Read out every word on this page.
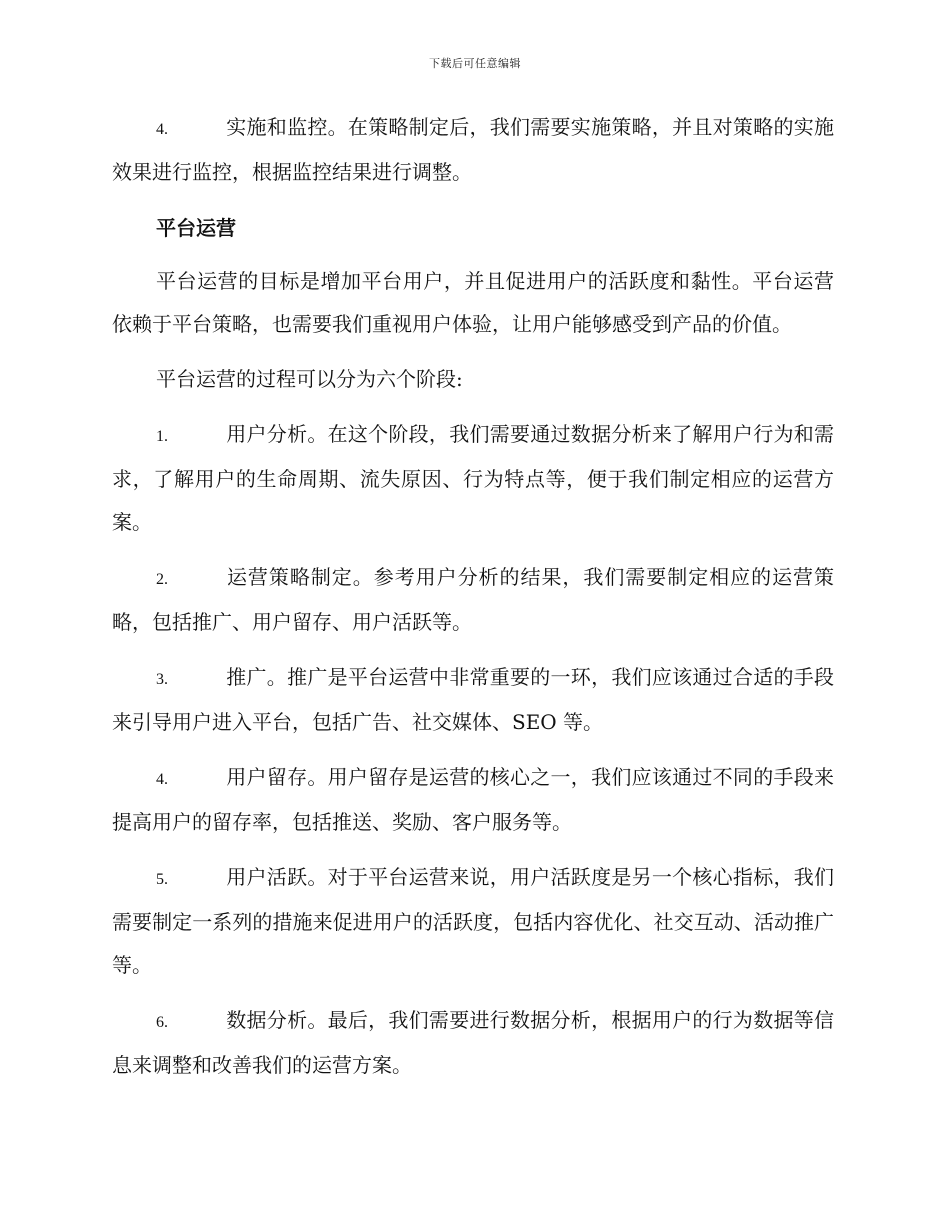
下载后可任意编辑

4.	实施和监控。在策略制定后，我们需要实施策略，并且对策略的实施效果进行监控，根据监控结果进行调整。

平台运营

平台运营的目标是增加平台用户，并且促进用户的活跃度和黏性。平台运营依赖于平台策略，也需要我们重视用户体验，让用户能够感受到产品的价值。

平台运营的过程可以分为六个阶段:

1.	用户分析。在这个阶段，我们需要通过数据分析来了解用户行为和需求，了解用户的生命周期、流失原因、行为特点等，便于我们制定相应的运营方案。

2.	运营策略制定。参考用户分析的结果，我们需要制定相应的运营策略，包括推广、用户留存、用户活跃等。

3.	推广。推广是平台运营中非常重要的一环，我们应该通过合适的手段来引导用户进入平台，包括广告、社交媒体、SEO 等。

4.	用户留存。用户留存是运营的核心之一，我们应该通过不同的手段来提高用户的留存率，包括推送、奖励、客户服务等。

5.	用户活跃。对于平台运营来说，用户活跃度是另一个核心指标，我们需要制定一系列的措施来促进用户的活跃度，包括内容优化、社交互动、活动推广等。

6.	数据分析。最后，我们需要进行数据分析，根据用户的行为数据等信息来调整和改善我们的运营方案。
